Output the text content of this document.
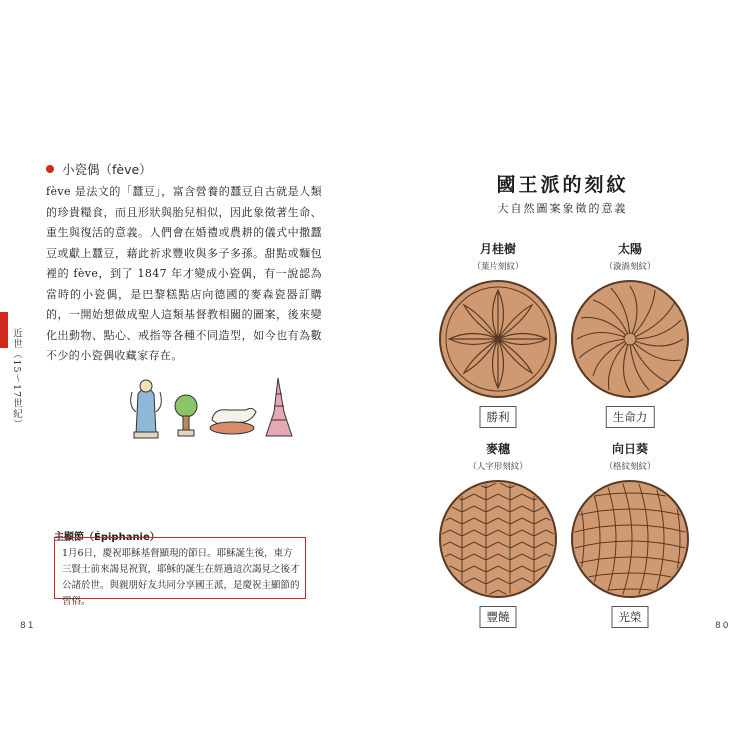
小瓷偶（fève）
fève 是法文的「蠶豆」，富含營養的蠶豆自古就是人類的珍貴糧食，而且形狀與胎兒相似，因此象徵著生命、重生與復活的意義。人們會在婚禮或農耕的儀式中撒蠶豆或獻上蠶豆，藉此祈求豐收與多子多孫。甜點或麵包裡的 fève，到了 1847 年才變成小瓷偶，有一說認為當時的小瓷偶，是巴黎糕點店向德國的麥森瓷器訂購的，一開始想做成聖人這類基督教相關的圖案，後來變化出動物、點心、戒指等各種不同造型，如今也有為數不少的小瓷偶收藏家存在。
近世（15～17世紀）
主顯節（Épiphanie）
1月6日，慶祝耶穌基督顯現的節日。耶穌誕生後，東方三賢士前來謁見祝賀，耶穌的誕生在經過這次謁見之後才公諸於世。與親朋好友共同分享國王派，是慶祝主顯節的習俗。
81
國王派的刻紋
大自然圖案象徵的意義
月桂樹
（葉片刻紋）
勝利
太陽
（漩渦刻紋）
生命力
麥穗
（人字形刻紋）
豐饒
向日葵
（格紋刻紋）
光榮
80
